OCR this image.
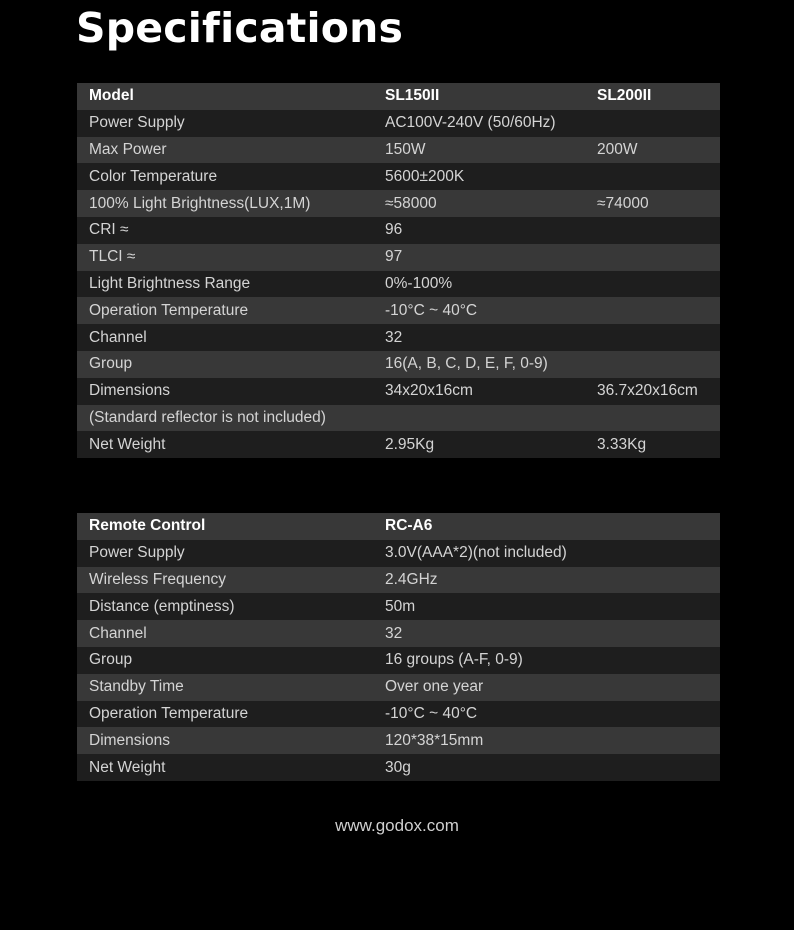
Specifications
Model	SL150II	SL200II
Power Supply	AC100V-240V (50/60Hz)	
Max Power	150W	200W
Color Temperature	5600±200K	
100% Light Brightness(LUX,1M)	≈58000	≈74000
CRI ≈	96	
TLCI ≈	97	
Light Brightness Range	0%-100%	
Operation Temperature	-10°C ~ 40°C	
Channel	32	
Group	16(A, B, C, D, E, F, 0-9)	
Dimensions	34x20x16cm	36.7x20x16cm
(Standard reflector is not included)		
Net Weight	2.95Kg	3.33Kg
Remote Control	RC-A6
Power Supply	3.0V(AAA*2)(not included)
Wireless Frequency	2.4GHz
Distance (emptiness)	50m
Channel	32
Group	16 groups (A-F, 0-9)
Standby Time	Over one year
Operation Temperature	-10°C ~ 40°C
Dimensions	120*38*15mm
Net Weight	30g
www.godox.com
